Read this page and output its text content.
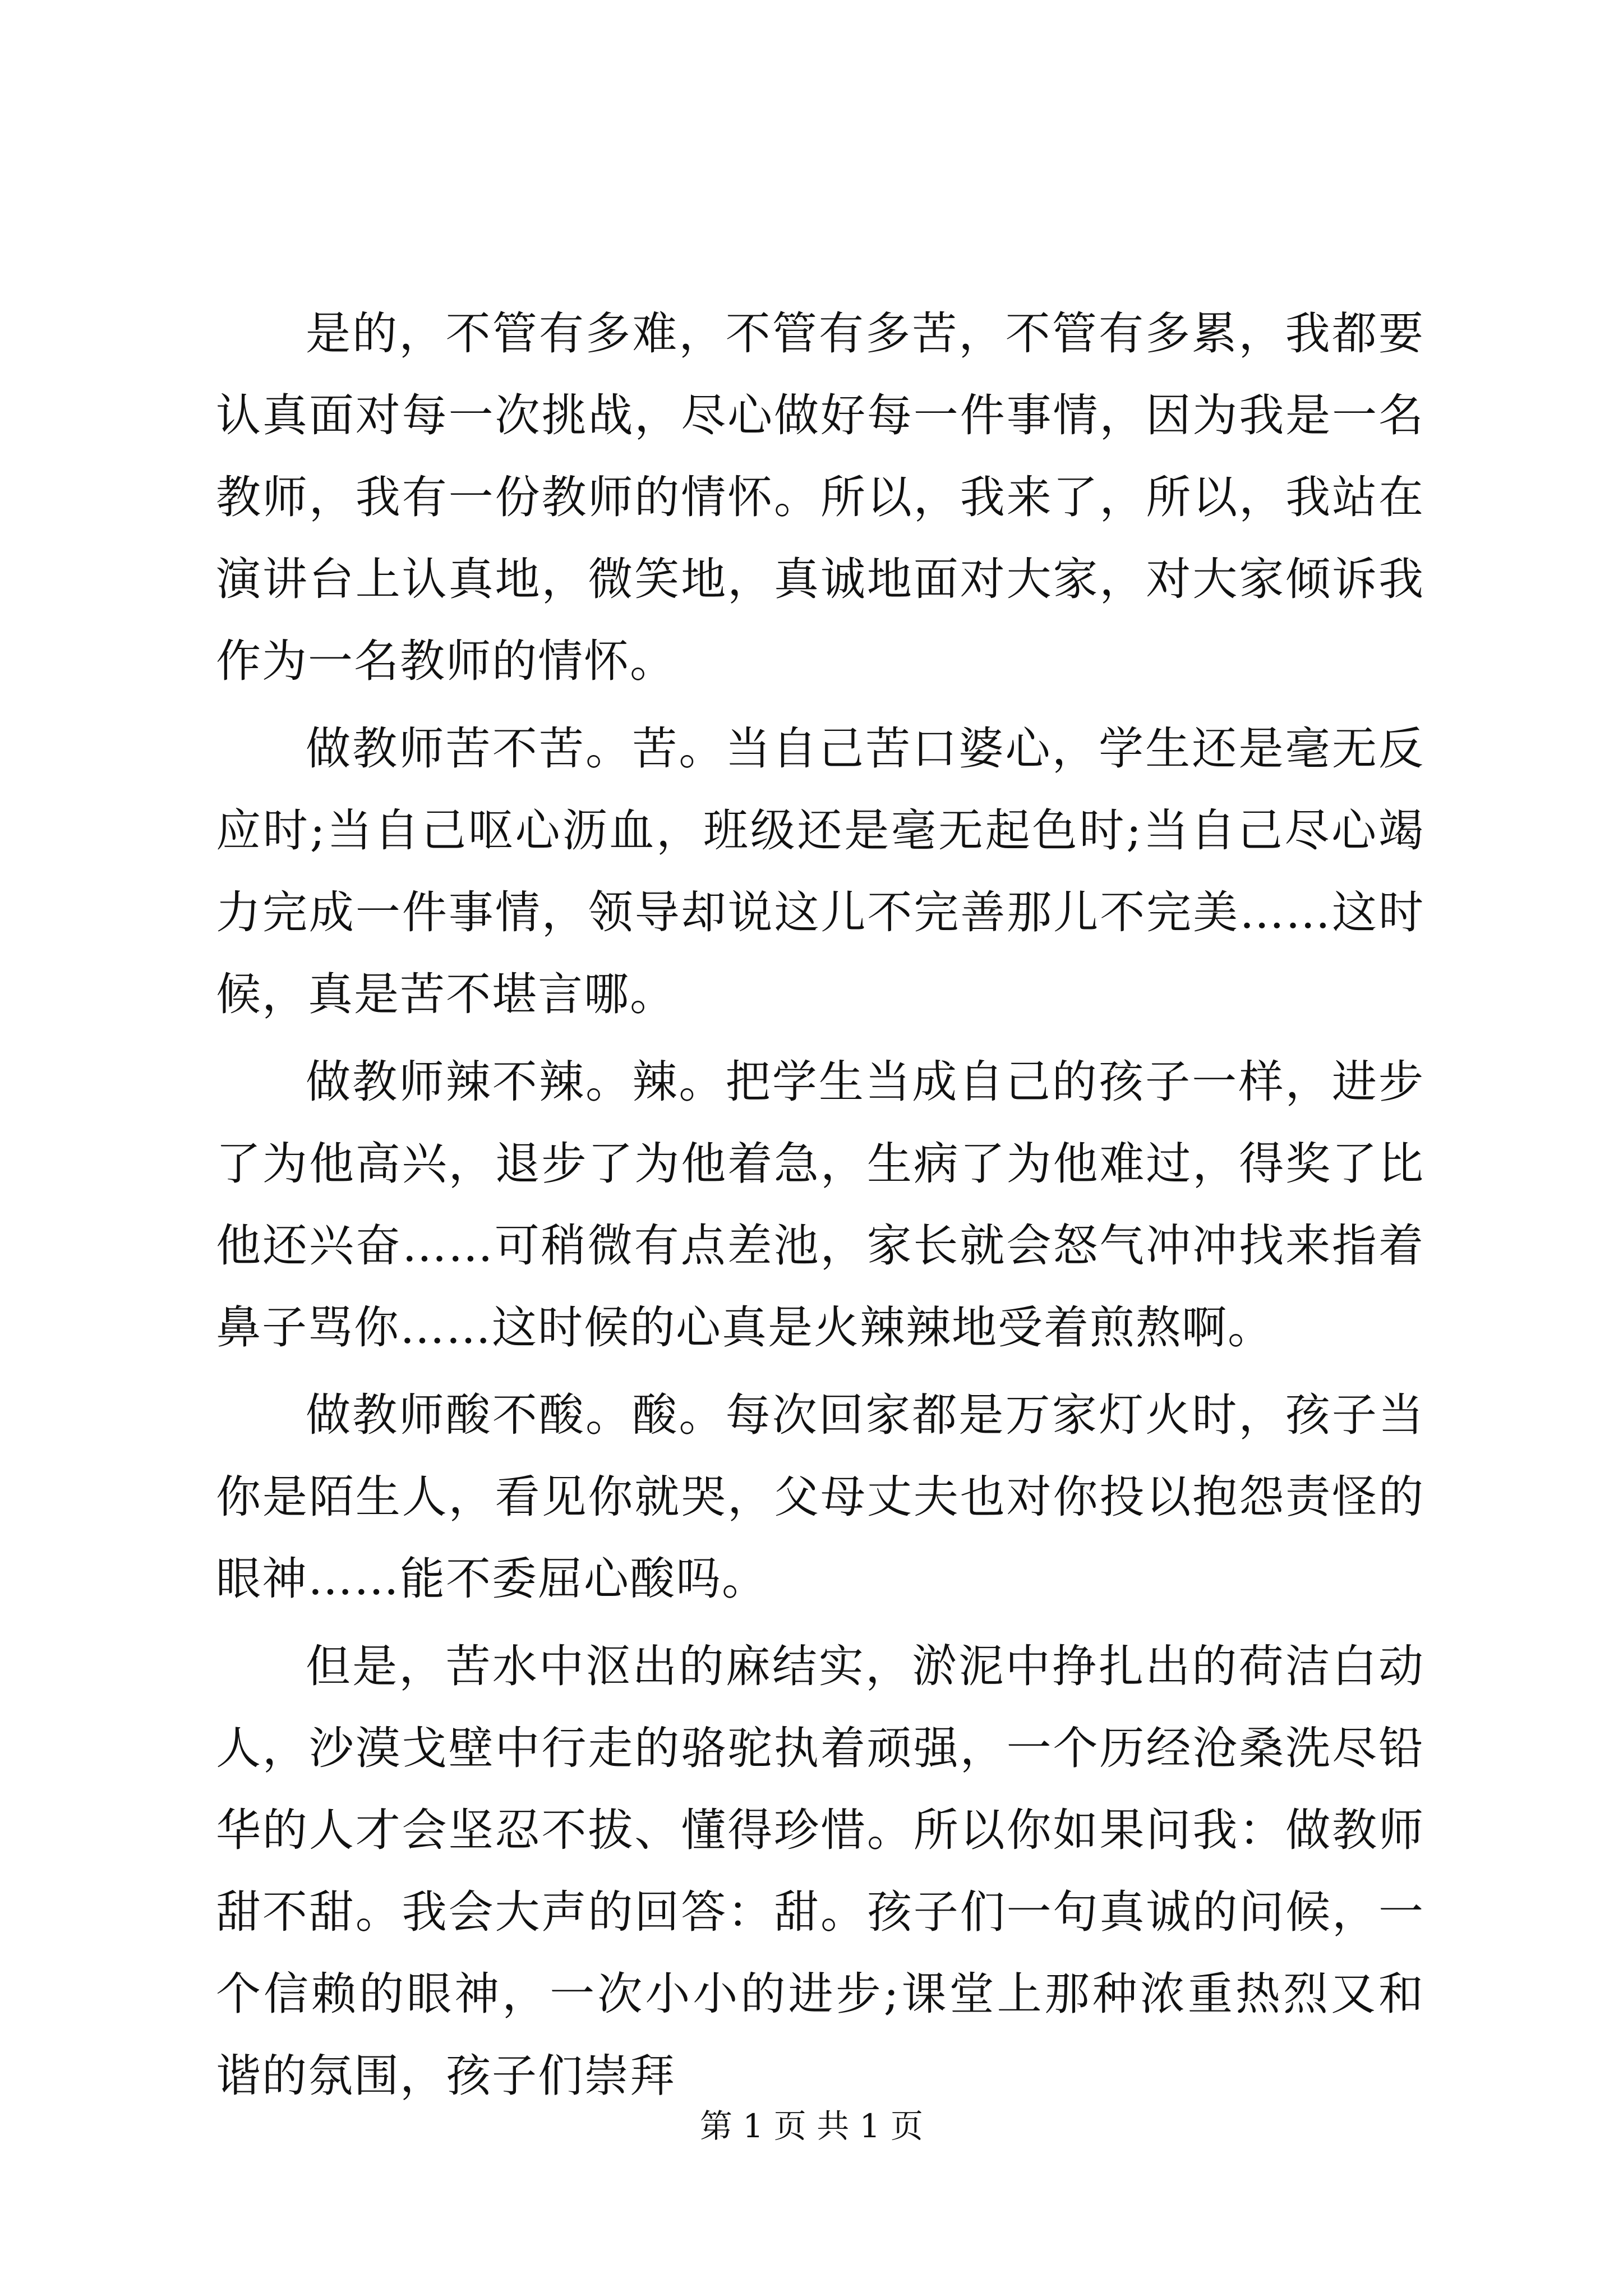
是的，不管有多难，不管有多苦，不管有多累，我都要认真面对每一次挑战，尽心做好每一件事情，因为我是一名教师，我有一份教师的情怀。所以，我来了，所以，我站在演讲台上认真地，微笑地，真诚地面对大家，对大家倾诉我作为一名教师的情怀。

做教师苦不苦。苦。当自己苦口婆心，学生还是毫无反应时;当自己呕心沥血，班级还是毫无起色时;当自己尽心竭力完成一件事情，领导却说这儿不完善那儿不完美……这时候，真是苦不堪言哪。

做教师辣不辣。辣。把学生当成自己的孩子一样，进步了为他高兴，退步了为他着急，生病了为他难过，得奖了比他还兴奋……可稍微有点差池，家长就会怒气冲冲找来指着鼻子骂你……这时候的心真是火辣辣地受着煎熬啊。

做教师酸不酸。酸。每次回家都是万家灯火时，孩子当你是陌生人，看见你就哭，父母丈夫也对你投以抱怨责怪的眼神……能不委屈心酸吗。

但是，苦水中沤出的麻结实，淤泥中挣扎出的荷洁白动人，沙漠戈壁中行走的骆驼执着顽强，一个历经沧桑洗尽铅华的人才会坚忍不拔、懂得珍惜。所以你如果问我：做教师甜不甜。我会大声的回答：甜。孩子们一句真诚的问候，一个信赖的眼神，一次小小的进步;课堂上那种浓重热烈又和谐的氛围，孩子们崇拜

第 1 页 共 1 页
